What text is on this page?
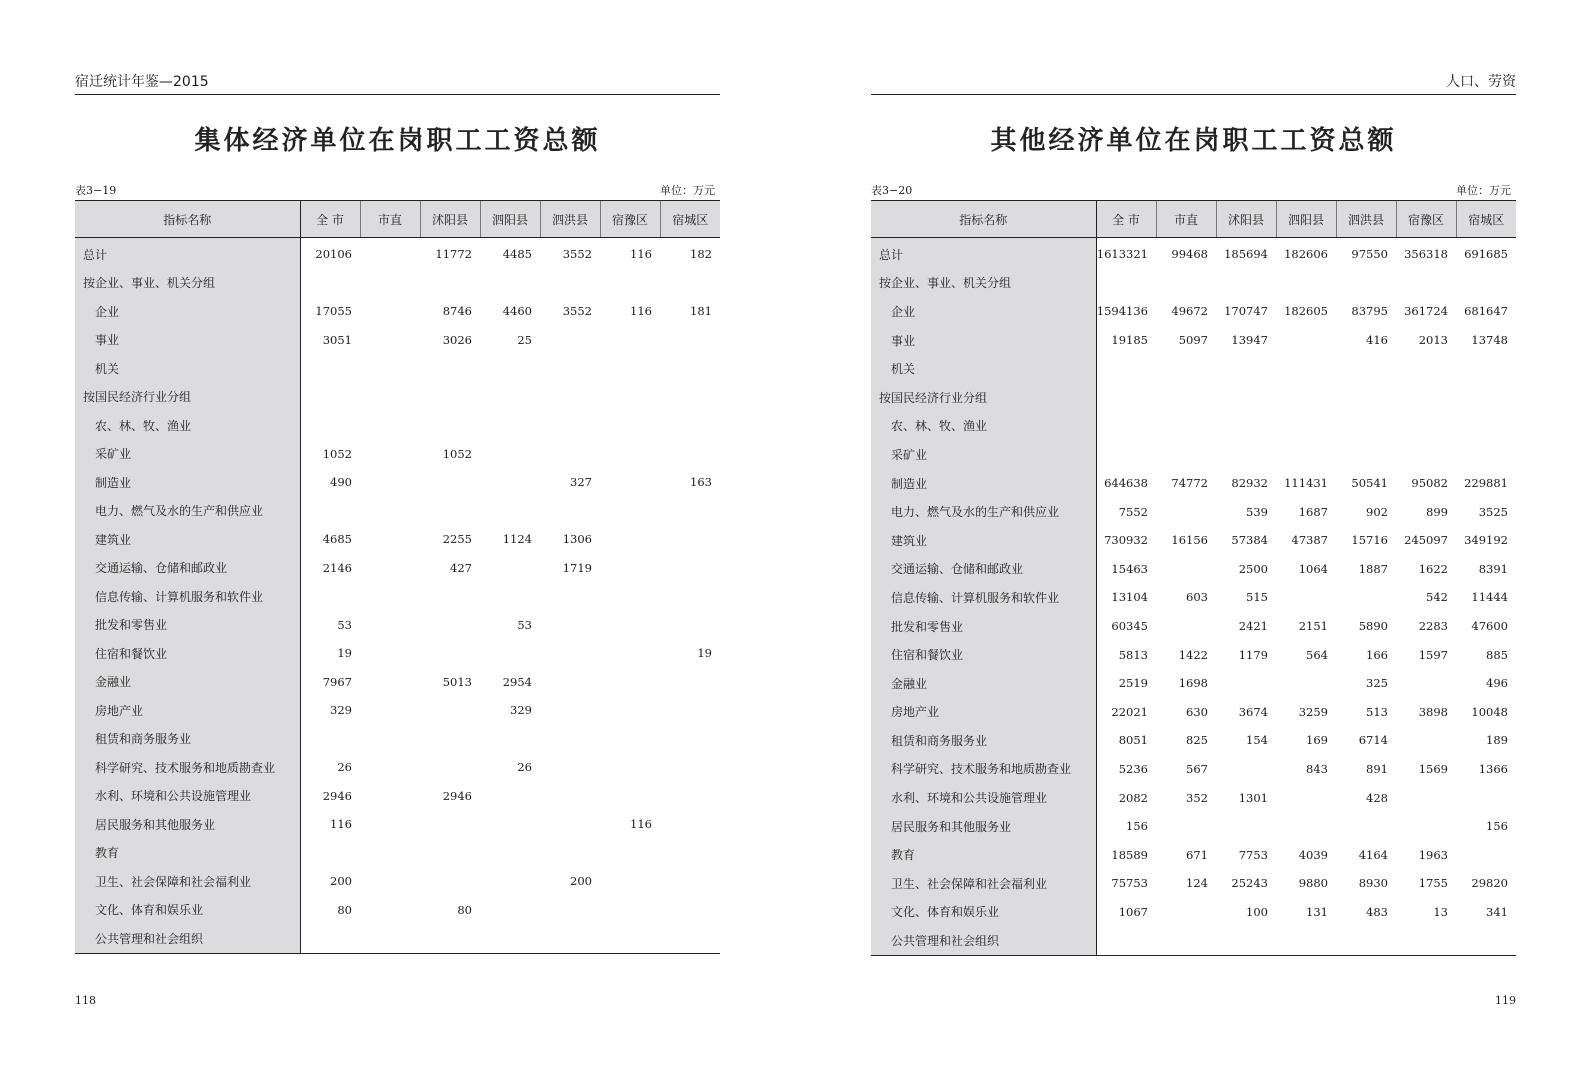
宿迁统计年鉴—2015
集体经济单位在岗职工工资总额
表3−19	单位：万元
指标名称	全 市	市直	沭阳县	泗阳县	泗洪县	宿豫区	宿城区
总计	20106		11772	4485	3552	116	182
按企业、事业、机关分组							
企业	17055		8746	4460	3552	116	181
事业	3051		3026	25			
机关							
按国民经济行业分组							
农、林、牧、渔业							
采矿业	1052		1052				
制造业	490				327		163
电力、燃气及水的生产和供应业							
建筑业	4685		2255	1124	1306		
交通运输、仓储和邮政业	2146		427		1719		
信息传输、计算机服务和软件业							
批发和零售业	53			53			
住宿和餐饮业	19						19
金融业	7967		5013	2954			
房地产业	329			329			
租赁和商务服务业							
科学研究、技术服务和地质勘查业	26			26			
水利、环境和公共设施管理业	2946		2946				
居民服务和其他服务业	116					116	
教育							
卫生、社会保障和社会福利业	200				200		
文化、体育和娱乐业	80		80				
公共管理和社会组织							
118
人口、劳资
其他经济单位在岗职工工资总额
表3−20	单位：万元
指标名称	全 市	市直	沭阳县	泗阳县	泗洪县	宿豫区	宿城区
总计	1613321	99468	185694	182606	97550	356318	691685
按企业、事业、机关分组							
企业	1594136	49672	170747	182605	83795	361724	681647
事业	19185	5097	13947		416	2013	13748
机关							
按国民经济行业分组							
农、林、牧、渔业							
采矿业							
制造业	644638	74772	82932	111431	50541	95082	229881
电力、燃气及水的生产和供应业	7552		539	1687	902	899	3525
建筑业	730932	16156	57384	47387	15716	245097	349192
交通运输、仓储和邮政业	15463		2500	1064	1887	1622	8391
信息传输、计算机服务和软件业	13104	603	515			542	11444
批发和零售业	60345		2421	2151	5890	2283	47600
住宿和餐饮业	5813	1422	1179	564	166	1597	885
金融业	2519	1698			325		496
房地产业	22021	630	3674	3259	513	3898	10048
租赁和商务服务业	8051	825	154	169	6714		189
科学研究、技术服务和地质勘查业	5236	567		843	891	1569	1366
水利、环境和公共设施管理业	2082	352	1301		428		
居民服务和其他服务业	156						156
教育	18589	671	7753	4039	4164	1963	
卫生、社会保障和社会福利业	75753	124	25243	9880	8930	1755	29820
文化、体育和娱乐业	1067		100	131	483	13	341
公共管理和社会组织							
119
